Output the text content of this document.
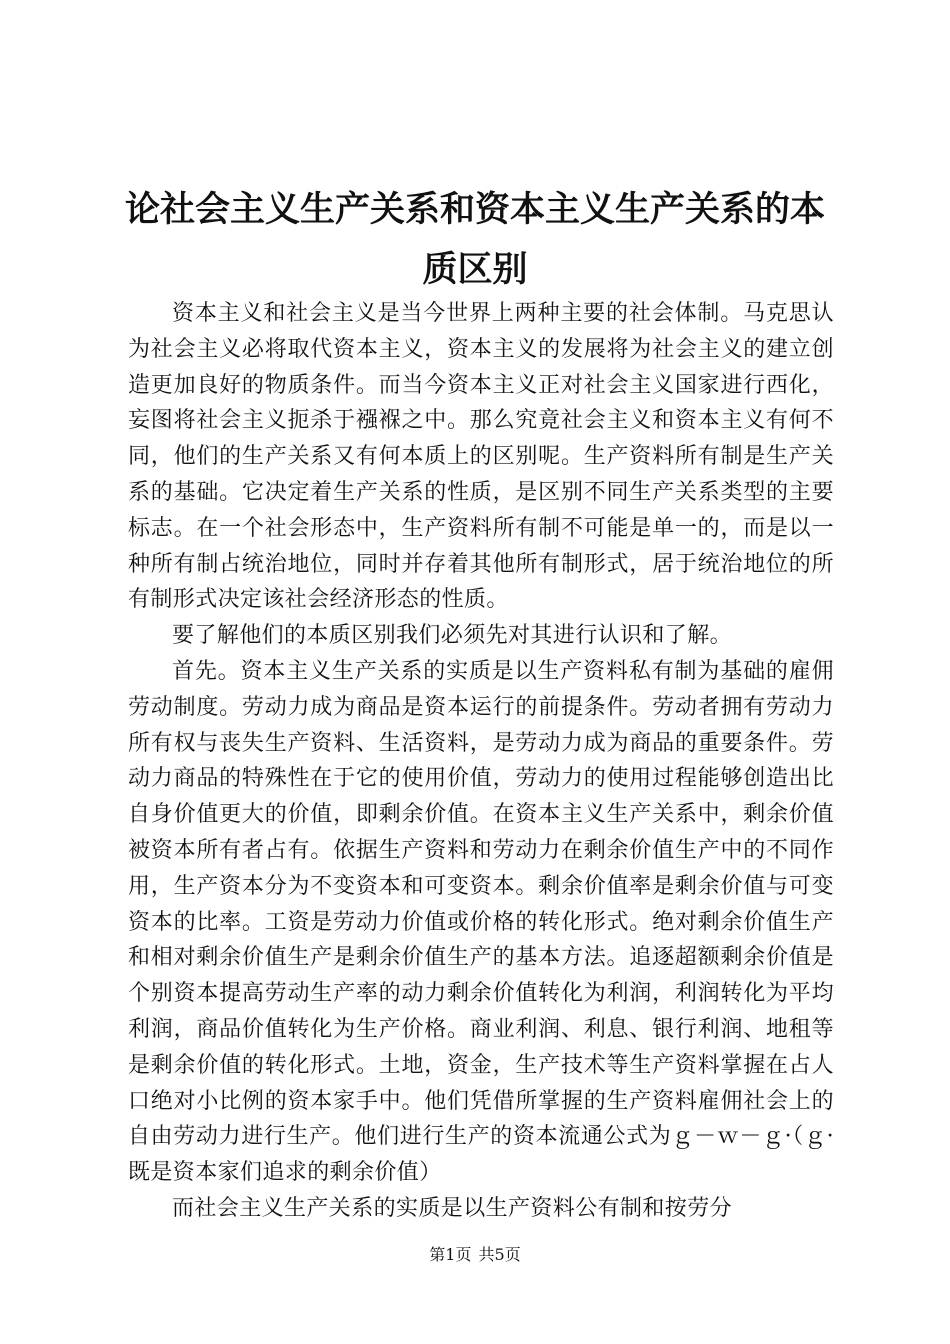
论社会主义生产关系和资本主义生产关系的本
质区别

资本主义和社会主义是当今世界上两种主要的社会体制。马克思认为社会主义必将取代资本主义，资本主义的发展将为社会主义的建立创造更加良好的物质条件。而当今资本主义正对社会主义国家进行西化，妄图将社会主义扼杀于襁褓之中。那么究竟社会主义和资本主义有何不同，他们的生产关系又有何本质上的区别呢。生产资料所有制是生产关系的基础。它决定着生产关系的性质，是区别不同生产关系类型的主要标志。在一个社会形态中，生产资料所有制不可能是单一的，而是以一种所有制占统治地位，同时并存着其他所有制形式，居于统治地位的所有制形式决定该社会经济形态的性质。

要了解他们的本质区别我们必须先对其进行认识和了解。

首先。资本主义生产关系的实质是以生产资料私有制为基础的雇佣劳动制度。劳动力成为商品是资本运行的前提条件。劳动者拥有劳动力所有权与丧失生产资料、生活资料，是劳动力成为商品的重要条件。劳动力商品的特殊性在于它的使用价值，劳动力的使用过程能够创造出比自身价值更大的价值，即剩余价值。在资本主义生产关系中，剩余价值被资本所有者占有。依据生产资料和劳动力在剩余价值生产中的不同作用，生产资本分为不变资本和可变资本。剩余价值率是剩余价值与可变资本的比率。工资是劳动力价值或价格的转化形式。绝对剩余价值生产和相对剩余价值生产是剩余价值生产的基本方法。追逐超额剩余价值是个别资本提高劳动生产率的动力剩余价值转化为利润，利润转化为平均利润，商品价值转化为生产价格。商业利润、利息、银行利润、地租等是剩余价值的转化形式。土地，资金，生产技术等生产资料掌握在占人口绝对小比例的资本家手中。他们凭借所掌握的生产资料雇佣社会上的自由劳动力进行生产。他们进行生产的资本流通公式为ｇ－ｗ－ｇ·（ｇ·既是资本家们追求的剩余价值）

而社会主义生产关系的实质是以生产资料公有制和按劳分

第1页 共5页
